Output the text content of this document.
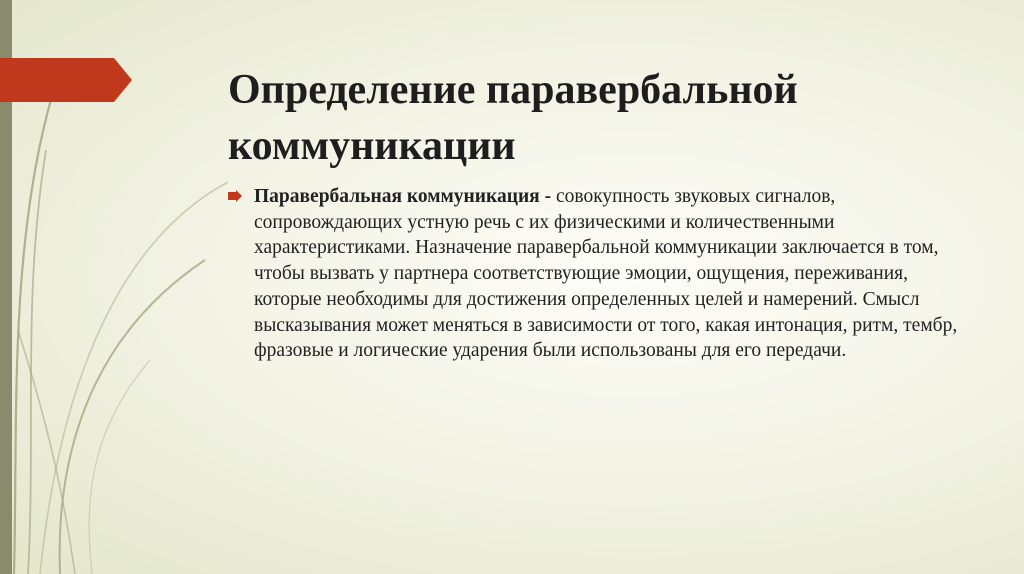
Определение паравербальной коммуникации
Паравербальная коммуникация - совокупность звуковых сигналов, сопровождающих устную речь с их физическими и количественными характеристиками. Назначение паравербальной коммуникации заключается в том, чтобы вызвать у партнера соответствующие эмоции, ощущения, переживания, которые необходимы для достижения определенных целей и намерений. Смысл высказывания может меняться в зависимости от того, какая интонация, ритм, тембр, фразовые и логические ударения были использованы для его передачи.
